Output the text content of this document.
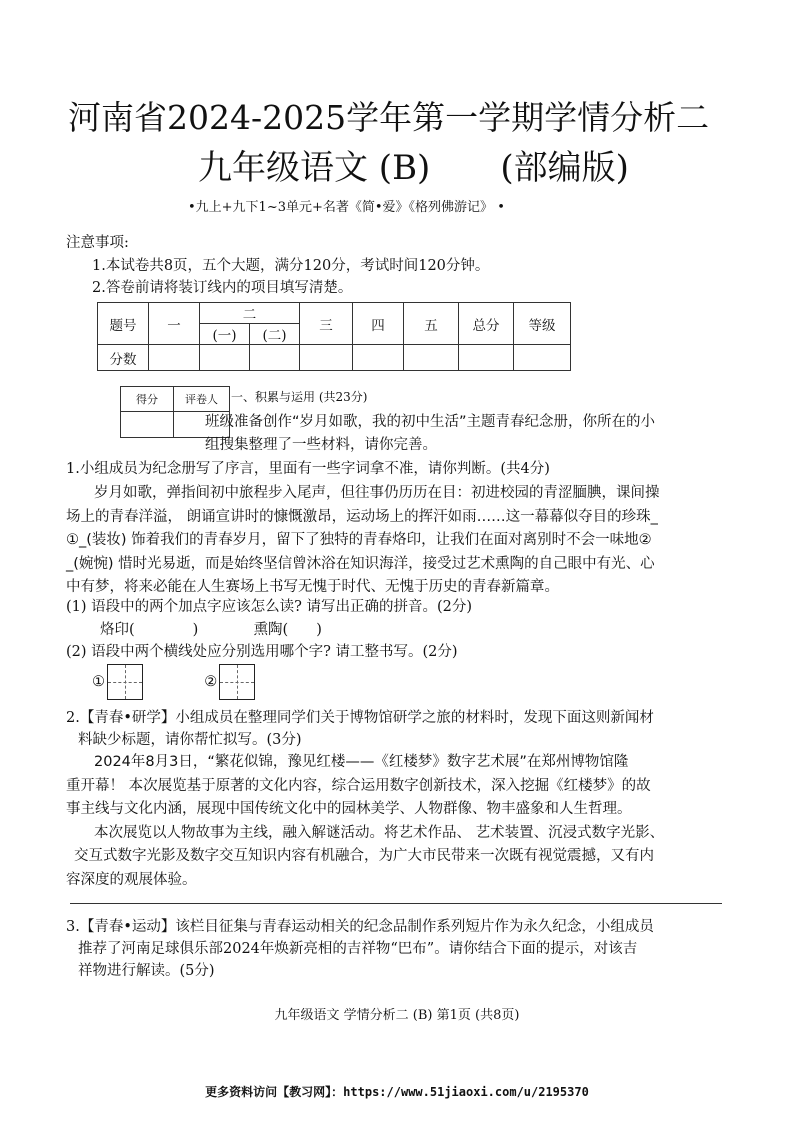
河南省2024-2025学年第一学期学情分析二
九年级语文 (B) (部编版)
•九上+九下1~3单元+名著《简•爱》《格列佛游记》 •
注意事项:
1.本试卷共8页，五个大题，满分120分，考试时间120分钟。
2.答卷前请将装订线内的项目填写清楚。
题号	一	二		三	四	五	总分	等级
		(一)	(二)					
分数								
得分	评卷人
	一、积累与运用 (共23分)
班级准备创作“岁月如歌，我的初中生活”主题青春纪念册，你所在的小
组搜集整理了一些材料，请你完善。
1.小组成员为纪念册写了序言，里面有一些字词拿不准，请你判断。(共4分)
岁月如歌，弹指间初中旅程步入尾声，但往事仍历历在目：初进校园的青涩腼腆，课间操
场上的青春洋溢， 朗诵宣讲时的慷慨激昂，运动场上的挥汗如雨……这一幕幕似夺目的珍珠_
①_(装妆) 饰着我们的青春岁月，留下了独特的青春烙印，让我们在面对离别时不会一味地②
_(婉惋) 惜时光易逝，而是始终坚信曾沐浴在知识海洋，接受过艺术熏陶的自己眼中有光、心
中有梦，将来必能在人生赛场上书写无愧于时代、无愧于历史的青春新篇章。
(1) 语段中的两个加点字应该怎么读? 请写出正确的拼音。(2分)
烙印(	)	熏陶( )
(2) 语段中两个横线处应分别选用哪个字? 请工整书写。(2分)
①	②
2.【青春•研学】小组成员在整理同学们关于博物馆研学之旅的材料时，发现下面这则新闻材
料缺少标题，请你帮忙拟写。(3分)
2024年8月3日，“繁花似锦，豫见红楼——《红楼梦》数字艺术展”在郑州博物馆隆
重开幕！ 本次展览基于原著的文化内容，综合运用数字创新技术，深入挖掘《红楼梦》的故
事主线与文化内涵，展现中国传统文化中的园林美学、人物群像、物丰盛象和人生哲理。
本次展览以人物故事为主线，融入解谜活动。将艺术作品、 艺术装置、沉浸式数字光影、
交互式数字光影及数字交互知识内容有机融合，为广大市民带来一次既有视觉震撼，又有内
容深度的观展体验。
3.【青春•运动】该栏目征集与青春运动相关的纪念品制作系列短片作为永久纪念，小组成员
推荐了河南足球俱乐部2024年焕新亮相的吉祥物“巴布”。请你结合下面的提示，对该吉
祥物进行解读。(5分)
九年级语文 学情分析二 (B) 第1页 (共8页)
更多资料访问【教习网】：https://www.51jiaoxi.com/u/2195370
